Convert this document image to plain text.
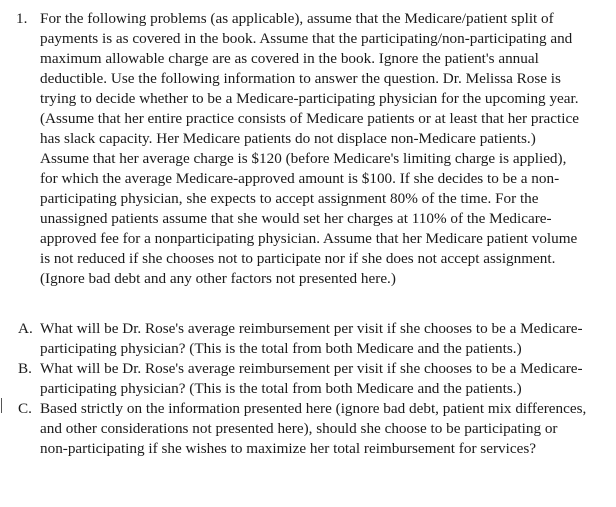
1. For the following problems (as applicable), assume that the Medicare/patient split of
payments is as covered in the book. Assume that the participating/non-participating and
maximum allowable charge are as covered in the book. Ignore the patient's annual
deductible. Use the following information to answer the question. Dr. Melissa Rose is
trying to decide whether to be a Medicare-participating physician for the upcoming year.
(Assume that her entire practice consists of Medicare patients or at least that her practice
has slack capacity. Her Medicare patients do not displace non-Medicare patients.)
Assume that her average charge is $120 (before Medicare's limiting charge is applied),
for which the average Medicare-approved amount is $100. If she decides to be a non-
participating physician, she expects to accept assignment 80% of the time. For the
unassigned patients assume that she would set her charges at 110% of the Medicare-
approved fee for a nonparticipating physician. Assume that her Medicare patient volume
is not reduced if she chooses not to participate nor if she does not accept assignment.
(Ignore bad debt and any other factors not presented here.)
A. What will be Dr. Rose's average reimbursement per visit if she chooses to be a Medicare-
participating physician? (This is the total from both Medicare and the patients.)
B. What will be Dr. Rose's average reimbursement per visit if she chooses to be a Medicare-
participating physician? (This is the total from both Medicare and the patients.)
C. Based strictly on the information presented here (ignore bad debt, patient mix differences,
and other considerations not presented here), should she choose to be participating or
non-participating if she wishes to maximize her total reimbursement for services?
